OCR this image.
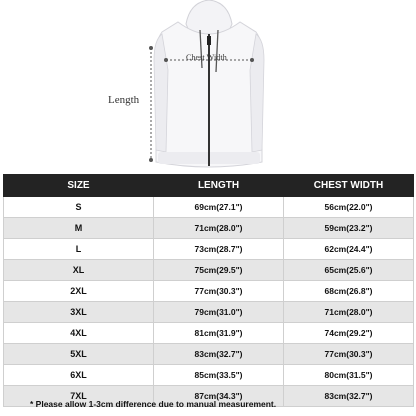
Chest Width
Length
SIZE	LENGTH	CHEST WIDTH
S	69cm(27.1")	56cm(22.0")
M	71cm(28.0")	59cm(23.2")
L	73cm(28.7")	62cm(24.4")
XL	75cm(29.5")	65cm(25.6")
2XL	77cm(30.3")	68cm(26.8")
3XL	79cm(31.0")	71cm(28.0")
4XL	81cm(31.9")	74cm(29.2")
5XL	83cm(32.7")	77cm(30.3")
6XL	85cm(33.5")	80cm(31.5")
7XL	87cm(34.3")	83cm(32.7")
* Please allow 1-3cm difference due to manual measurement.
